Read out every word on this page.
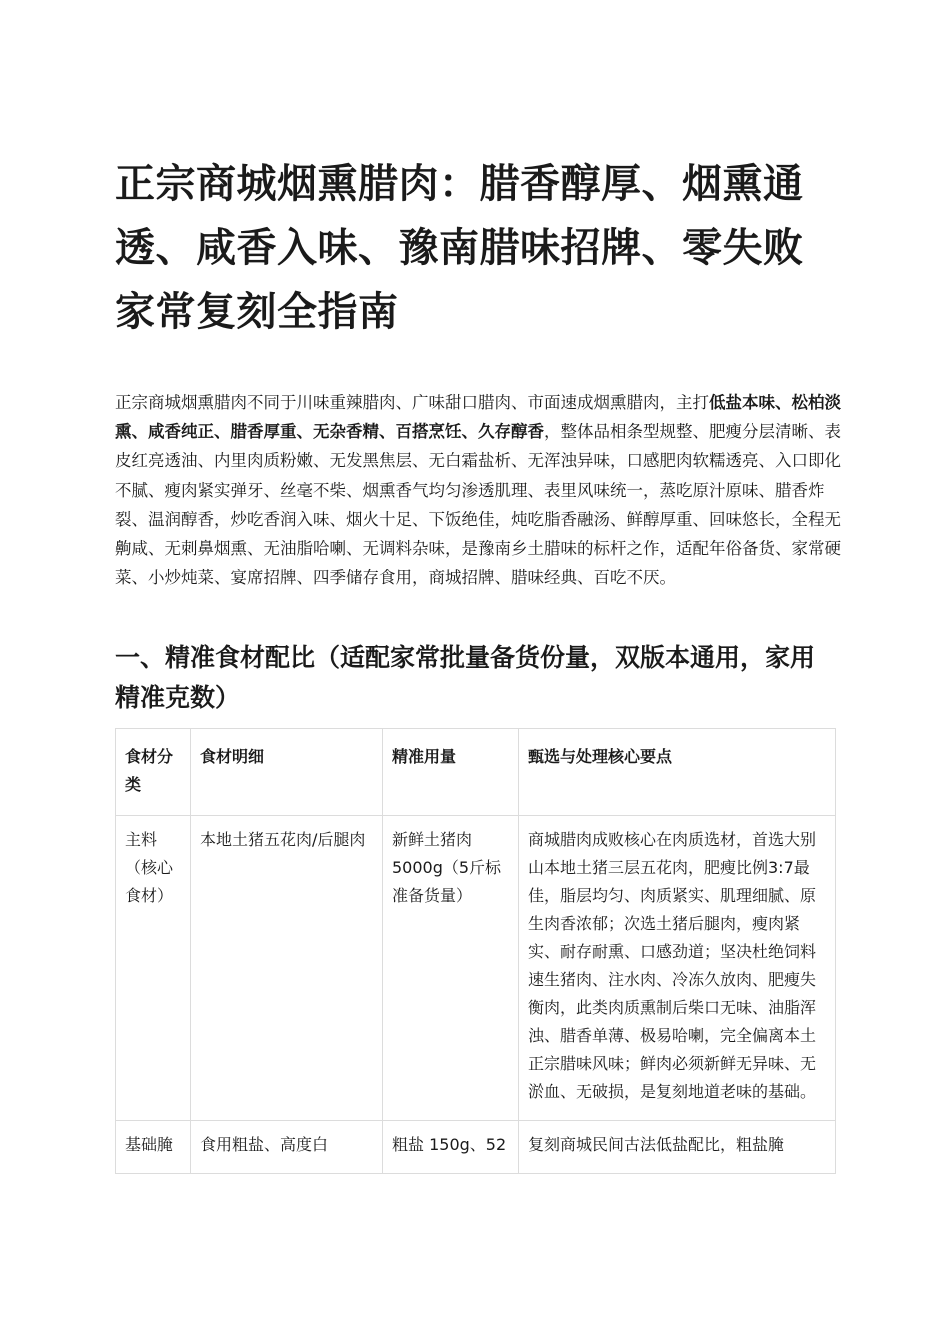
正宗商城烟熏腊肉：腊香醇厚、烟熏通透、咸香入味、豫南腊味招牌、零失败家常复刻全指南

正宗商城烟熏腊肉不同于川味重辣腊肉、广味甜口腊肉、市面速成烟熏腊肉，主打低盐本味、松柏淡熏、咸香纯正、腊香厚重、无杂香精、百搭烹饪、久存醇香，整体品相条型规整、肥瘦分层清晰、表皮红亮透油、内里肉质粉嫩、无发黑焦层、无白霜盐析、无浑浊异味，口感肥肉软糯透亮、入口即化不腻、瘦肉紧实弹牙、丝毫不柴、烟熏香气均匀渗透肌理、表里风味统一，蒸吃原汁原味、腊香炸裂、温润醇香，炒吃香润入味、烟火十足、下饭绝佳，炖吃脂香融汤、鲜醇厚重、回味悠长，全程无齁咸、无刺鼻烟熏、无油脂哈喇、无调料杂味，是豫南乡土腊味的标杆之作，适配年俗备货、家常硬菜、小炒炖菜、宴席招牌、四季储存食用，商城招牌、腊味经典、百吃不厌。

一、精准食材配比（适配家常批量备货份量，双版本通用，家用精准克数）
食材分类	食材明细	精准用量	甄选与处理核心要点
主料（核心食材）	本地土猪五花肉/后腿肉	新鲜土猪肉5000g（5斤标准备货量）	商城腊肉成败核心在肉质选材，首选大别山本地土猪三层五花肉，肥瘦比例3:7最佳，脂层均匀、肉质紧实、肌理细腻、原生肉香浓郁；次选土猪后腿肉，瘦肉紧实、耐存耐熏、口感劲道；坚决杜绝饲料速生猪肉、注水肉、冷冻久放肉、肥瘦失衡肉，此类肉质熏制后柴口无味、油脂浑浊、腊香单薄、极易哈喇，完全偏离本土正宗腊味风味；鲜肉必须新鲜无异味、无淤血、无破损，是复刻地道老味的基础。
基础腌	食用粗盐、高度白	粗盐 150g、52	复刻商城民间古法低盐配比，粗盐腌
